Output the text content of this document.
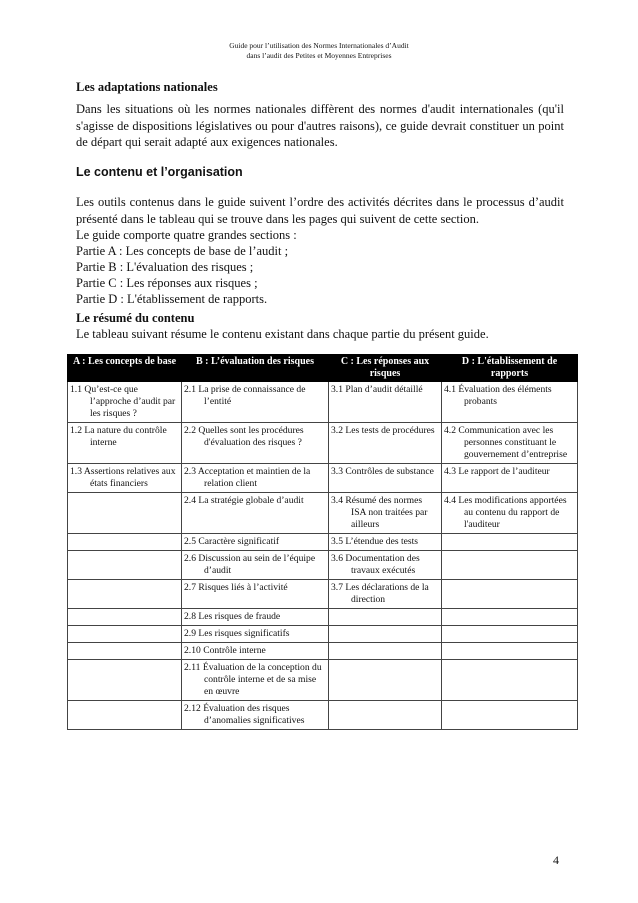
Guide pour l’utilisation des Normes Internationales d’Audit
dans l’audit des Petites et Moyennes Entreprises
Les adaptations nationales
Dans les situations où les normes nationales diffèrent des normes d'audit internationales (qu'il s'agisse de dispositions législatives ou pour d'autres raisons), ce guide devrait constituer un point de départ qui serait adapté aux exigences nationales.
Le contenu et l’organisation
Les outils contenus dans le guide suivent l’ordre des activités décrites dans le processus d’audit présenté dans le tableau qui se trouve dans les pages qui suivent de cette section.
Le guide comporte quatre grandes sections :
Partie A : Les concepts de base de l’audit ;
Partie B : L'évaluation des risques ;
Partie C : Les réponses aux risques ;
Partie D : L'établissement de rapports.
Le résumé du contenu
Le tableau suivant résume le contenu existant dans chaque partie du présent guide.
A : Les concepts de base	B : L’évaluation des risques	C : Les réponses aux risques	D : L'établissement de rapports

1.1 Qu’est-ce que l’approche d’audit par les risques ?	2.1 La prise de connaissance de l’entité	3.1 Plan d’audit détaillé	4.1 Évaluation des éléments probants

1.2 La nature du contrôle interne	2.2 Quelles sont les procédures d'évaluation des risques ?	3.2 Les tests de procédures	4.2 Communication avec les personnes constituant le gouvernement d’entreprise

1.3 Assertions relatives aux états financiers	2.3 Acceptation et maintien de la relation client	3.3 Contrôles de substance	4.3 Le rapport de l’auditeur

	2.4 La stratégie globale d’audit	3.4 Résumé des normes ISA non traitées par ailleurs	4.4 Les modifications apportées au contenu du rapport de l'auditeur

	2.5 Caractère significatif	3.5 L’étendue des tests	

	2.6 Discussion au sein de l’équipe d’audit	3.6 Documentation des travaux exécutés	

	2.7 Risques liés à l’activité	3.7 Les déclarations de la direction	

	2.8 Les risques de fraude		

	2.9 Les risques significatifs		

	2.10 Contrôle interne		

	2.11 Évaluation de la conception du contrôle interne et de sa mise en œuvre		

	2.12 Évaluation des risques d’anomalies significatives		

4
